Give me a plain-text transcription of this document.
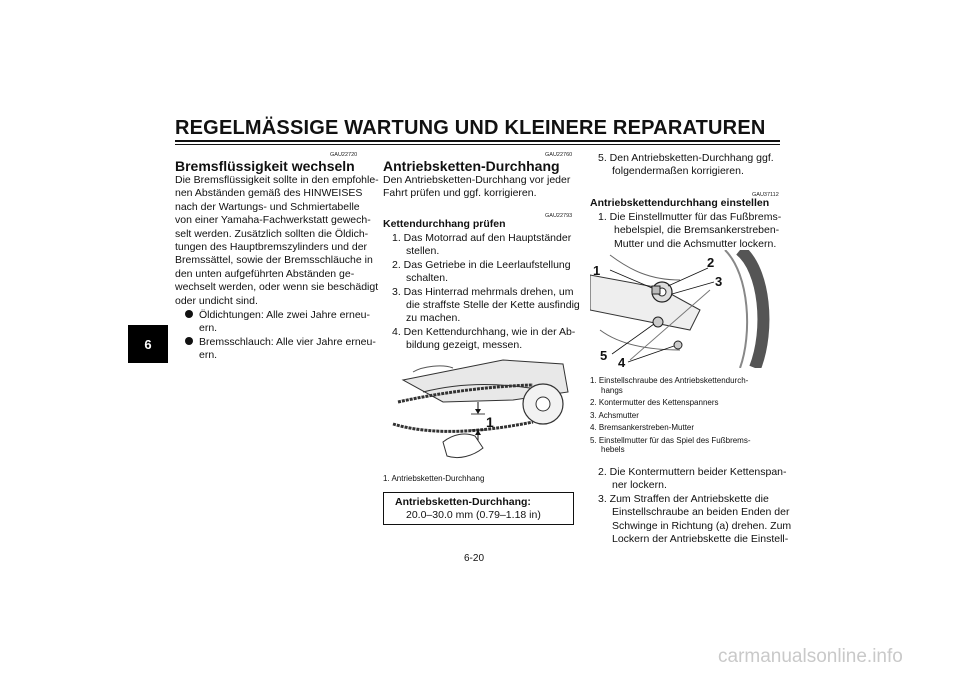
REGELMÄSSIGE WARTUNG UND KLEINERE REPARATUREN
6
GAU22720
Bremsflüssigkeit wechseln
Die Bremsflüssigkeit sollte in den empfohle-
nen Abständen gemäß des HINWEISES
nach der Wartungs- und Schmiertabelle
von einer Yamaha-Fachwerkstatt gewech-
selt werden. Zusätzlich sollten die Öldich-
tungen des Hauptbremszylinders und der
Bremssättel, sowie der Bremsschläuche in
den unten aufgeführten Abständen ge-
wechselt werden, oder wenn sie beschädigt
oder undicht sind.
Öldichtungen: Alle zwei Jahre erneu-
ern.
Bremsschlauch: Alle vier Jahre erneu-
ern.
GAU22760
Antriebsketten-Durchhang
Den Antriebsketten-Durchhang vor jeder
Fahrt prüfen und ggf. korrigieren.
GAU22793
Kettendurchhang prüfen
1. Das Motorrad auf den Hauptständer
stellen.
2. Das Getriebe in die Leerlaufstellung
schalten.
3. Das Hinterrad mehrmals drehen, um
die straffste Stelle der Kette ausfindig
zu machen.
4. Den Kettendurchhang, wie in der Ab-
bildung gezeigt, messen.
1
1. Antriebsketten-Durchhang
Antriebsketten-Durchhang:
20.0–30.0 mm (0.79–1.18 in)
5. Den Antriebsketten-Durchhang ggf.
folgendermaßen korrigieren.
GAU37112
Antriebskettendurchhang einstellen
1. Die Einstellmutter für das Fußbrems-
hebelspiel, die Bremsankerstreben-
Mutter und die Achsmutter lockern.
1
2
3
4
5
1. Einstellschraube des Antriebskettendurch-
hangs
2. Kontermutter des Kettenspanners
3. Achsmutter
4. Bremsankerstreben-Mutter
5. Einstellmutter für das Spiel des Fußbrems-
hebels
2. Die Kontermuttern beider Kettenspan-
ner lockern.
3. Zum Straffen der Antriebskette die
Einstellschraube an beiden Enden der
Schwinge in Richtung (a) drehen. Zum
Lockern der Antriebskette die Einstell-
6-20
carmanualsonline.info
